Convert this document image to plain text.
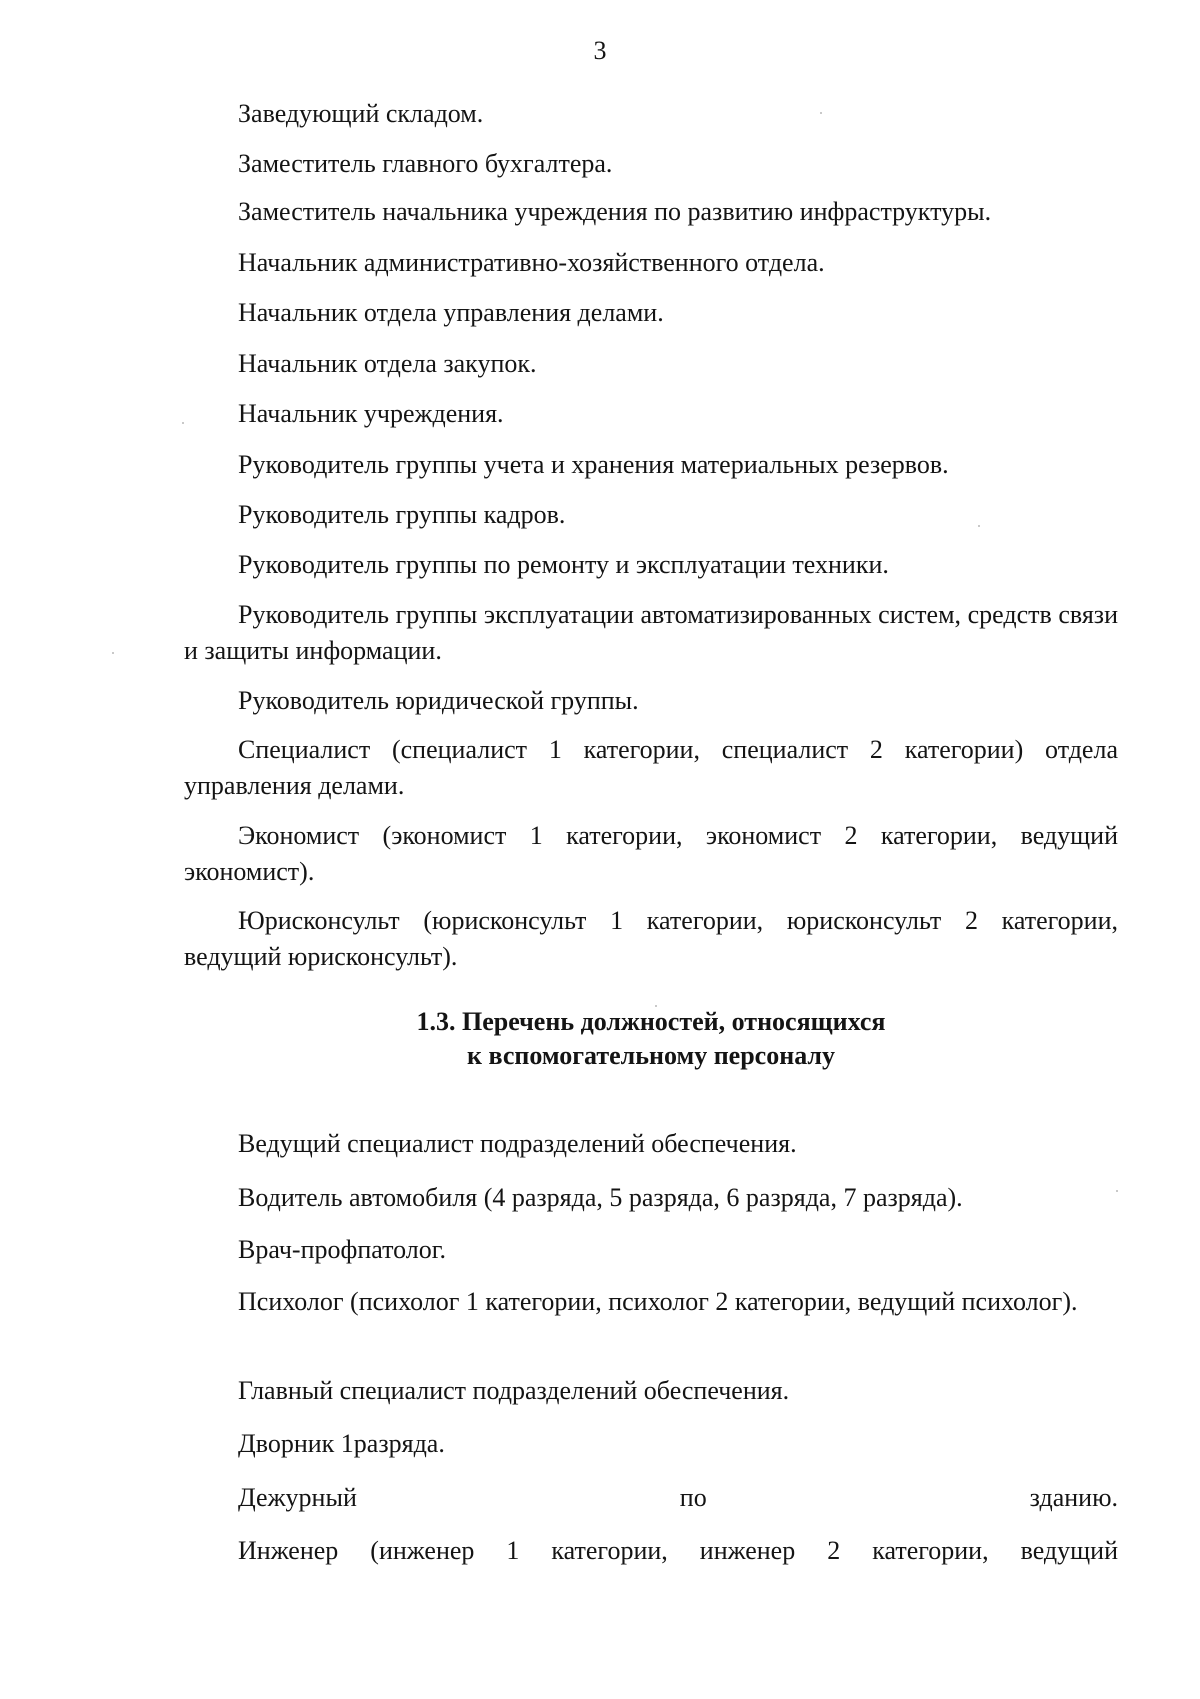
3

Заведующий складом.

Заместитель главного бухгалтера.

Заместитель начальника учреждения по развитию инфраструктуры.

Начальник административно-хозяйственного отдела.

Начальник отдела управления делами.

Начальник отдела закупок.

Начальник учреждения.

Руководитель группы учета и хранения материальных резервов.

Руководитель группы кадров.

Руководитель группы по ремонту и эксплуатации техники.

Руководитель группы эксплуатации автоматизированных систем, средств связи и защиты информации.

Руководитель юридической группы.

Специалист (специалист 1 категории, специалист 2 категории) отдела управления делами.

Экономист (экономист 1 категории, экономист 2 категории, ведущий экономист).

Юрисконсульт (юрисконсульт 1 категории, юрисконсульт 2 категории, ведущий юрисконсульт).

1.3. Перечень должностей, относящихся
к вспомогательному персоналу

Ведущий специалист подразделений обеспечения.

Водитель автомобиля (4 разряда, 5 разряда, 6 разряда, 7 разряда).

Врач-профпатолог.

Психолог (психолог 1 категории, психолог 2 категории, ведущий психолог).

Главный специалист подразделений обеспечения.

Дворник 1разряда.

Дежурный по зданию.

Инженер (инженер 1 категории, инженер 2 категории, ведущий
